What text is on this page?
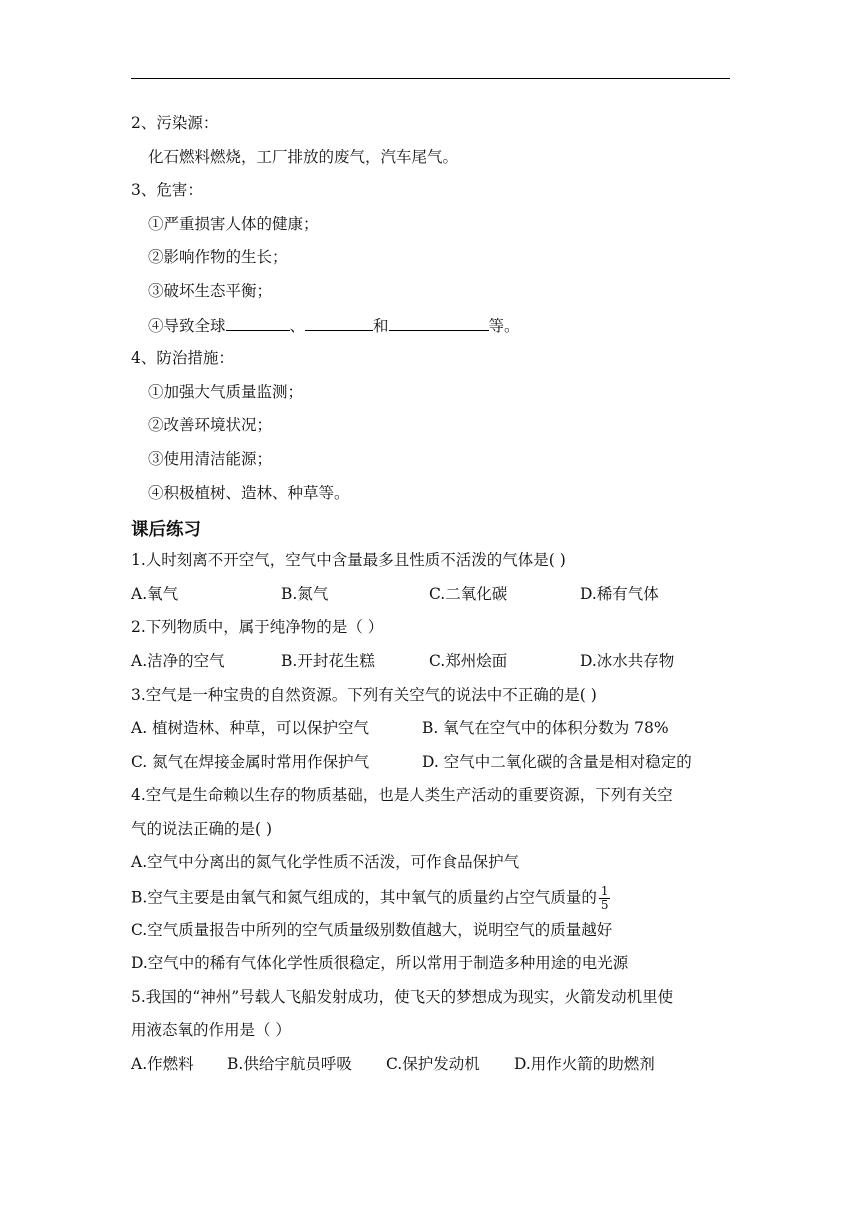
2、污染源：
化石燃料燃烧，工厂排放的废气，汽车尾气。
3、危害：
①严重损害人体的健康；
②影响作物的生长；
③破坏生态平衡；
④导致全球	、	和	等。
4、防治措施：
①加强大气质量监测；
②改善环境状况；
③使用清洁能源；
④积极植树、造林、种草等。
课后练习
1.人时刻离不开空气，空气中含量最多且性质不活泼的气体是( )
A.氧气	B.氮气	C.二氧化碳	D.稀有气体
2.下列物质中，属于纯净物的是（ ）
A.洁净的空气	B.开封花生糕	C.郑州烩面	D.冰水共存物
3.空气是一种宝贵的自然资源。下列有关空气的说法中不正确的是( )
A. 植树造林、种草，可以保护空气	B. 氧气在空气中的体积分数为 78%
C. 氮气在焊接金属时常用作保护气	D. 空气中二氧化碳的含量是相对稳定的
4.空气是生命赖以生存的物质基础，也是人类生产活动的重要资源，下列有关空
气的说法正确的是( )
A.空气中分离出的氮气化学性质不活泼，可作食品保护气
B.空气主要是由氧气和氮气组成的，其中氧气的质量约占空气质量的 $\frac{1}{5}$
C.空气质量报告中所列的空气质量级别数值越大，说明空气的质量越好
D.空气中的稀有气体化学性质很稳定，所以常用于制造多种用途的电光源
5.我国的“神州”号载人飞船发射成功，使飞天的梦想成为现实，火箭发动机里使
用液态氧的作用是（ ）
A.作燃料	B.供给宇航员呼吸	C.保护发动机	D.用作火箭的助燃剂
